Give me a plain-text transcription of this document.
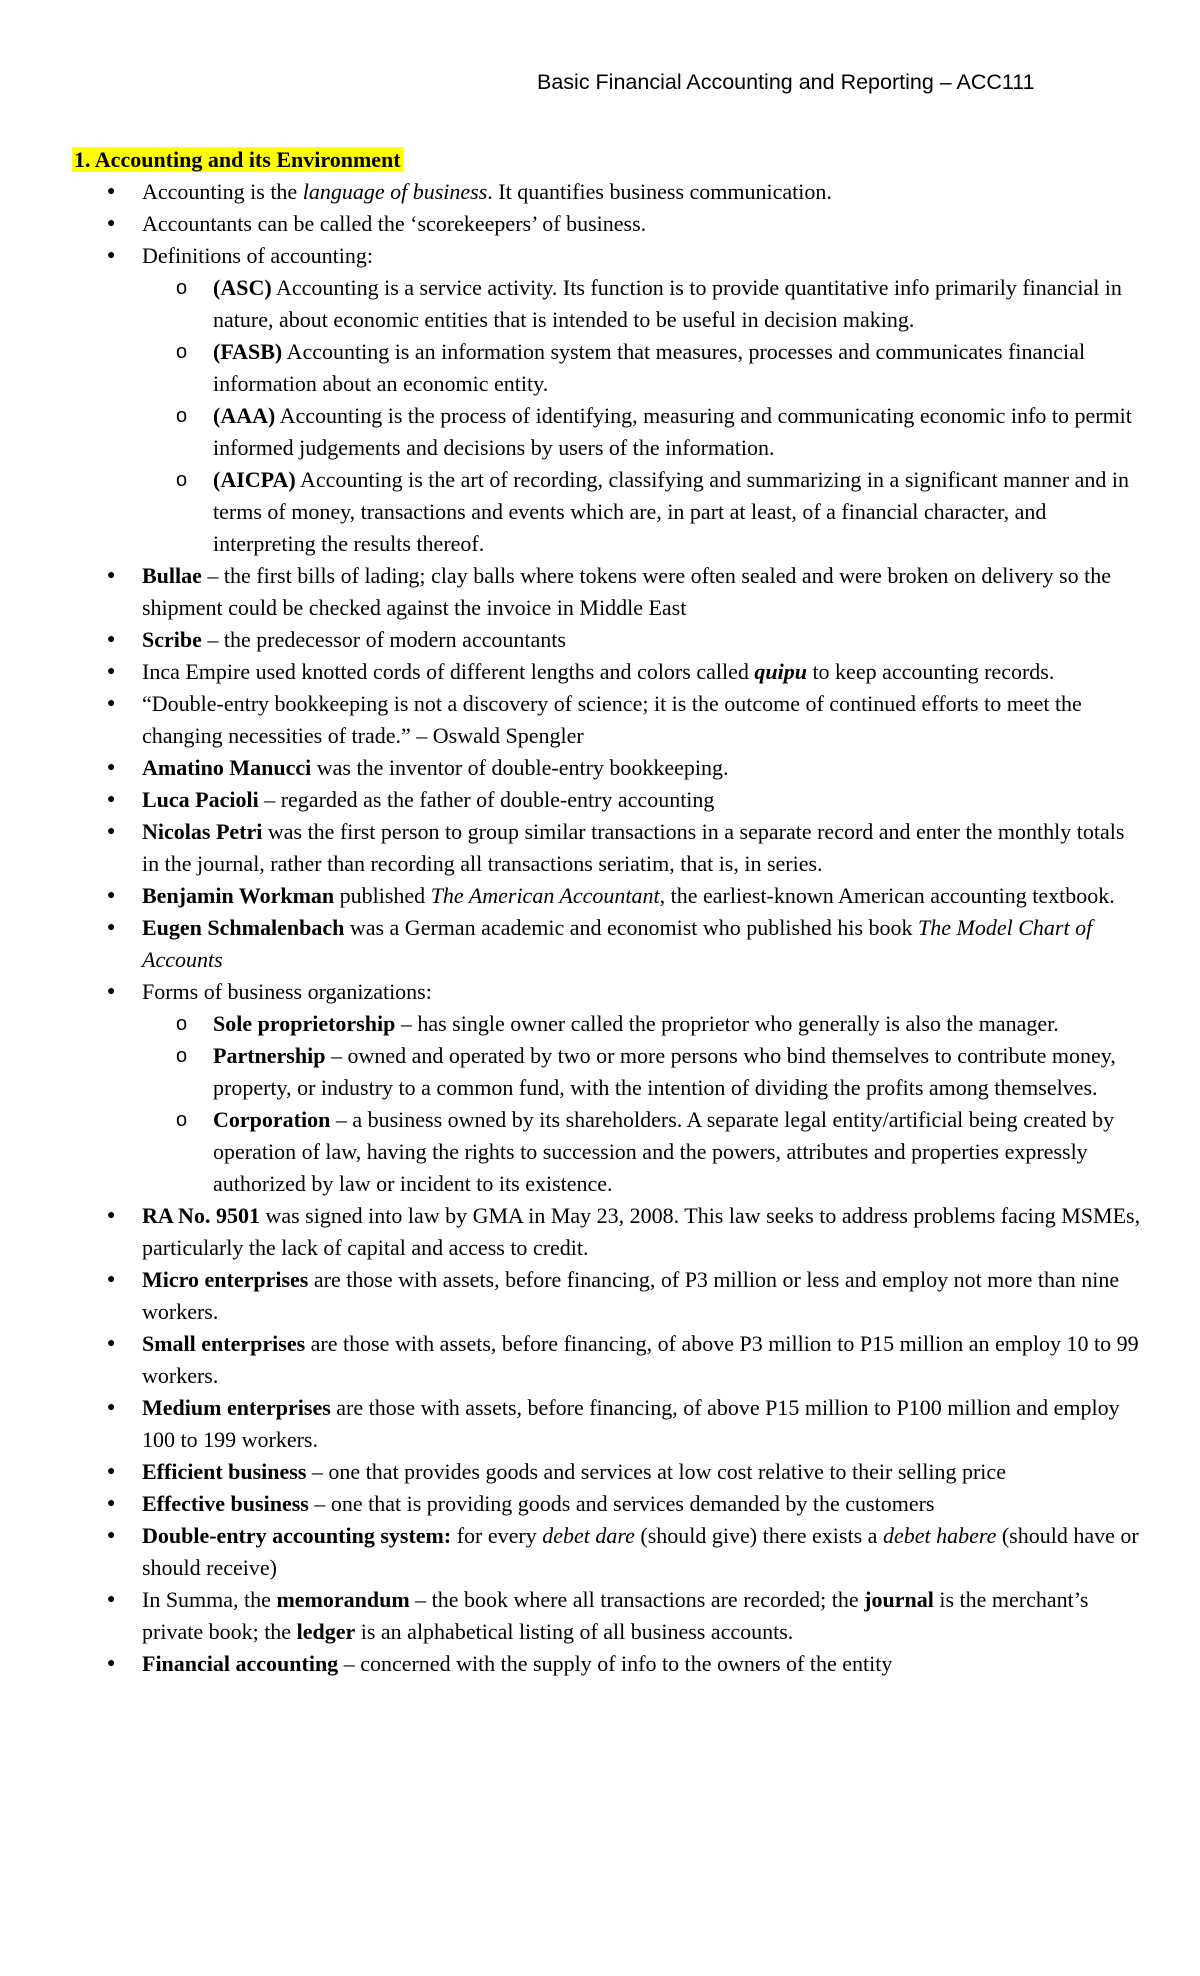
Basic Financial Accounting and Reporting – ACC111
1. Accounting and its Environment
● Accounting is the language of business. It quantifies business communication.
● Accountants can be called the ‘scorekeepers’ of business.
● Definitions of accounting:
o (ASC) Accounting is a service activity. Its function is to provide quantitative info primarily financial in nature, about economic entities that is intended to be useful in decision making.
o (FASB) Accounting is an information system that measures, processes and communicates financial information about an economic entity.
o (AAA) Accounting is the process of identifying, measuring and communicating economic info to permit informed judgements and decisions by users of the information.
o (AICPA) Accounting is the art of recording, classifying and summarizing in a significant manner and in terms of money, transactions and events which are, in part at least, of a financial character, and interpreting the results thereof.
● Bullae – the first bills of lading; clay balls where tokens were often sealed and were broken on delivery so the shipment could be checked against the invoice in Middle East
● Scribe – the predecessor of modern accountants
● Inca Empire used knotted cords of different lengths and colors called quipu to keep accounting records.
● “Double-entry bookkeeping is not a discovery of science; it is the outcome of continued efforts to meet the changing necessities of trade.” – Oswald Spengler
● Amatino Manucci was the inventor of double-entry bookkeeping.
● Luca Pacioli – regarded as the father of double-entry accounting
● Nicolas Petri was the first person to group similar transactions in a separate record and enter the monthly totals in the journal, rather than recording all transactions seriatim, that is, in series.
● Benjamin Workman published The American Accountant, the earliest-known American accounting textbook.
● Eugen Schmalenbach was a German academic and economist who published his book The Model Chart of Accounts
● Forms of business organizations:
o Sole proprietorship – has single owner called the proprietor who generally is also the manager.
o Partnership – owned and operated by two or more persons who bind themselves to contribute money, property, or industry to a common fund, with the intention of dividing the profits among themselves.
o Corporation – a business owned by its shareholders. A separate legal entity/artificial being created by operation of law, having the rights to succession and the powers, attributes and properties expressly authorized by law or incident to its existence.
● RA No. 9501 was signed into law by GMA in May 23, 2008. This law seeks to address problems facing MSMEs, particularly the lack of capital and access to credit.
● Micro enterprises are those with assets, before financing, of P3 million or less and employ not more than nine workers.
● Small enterprises are those with assets, before financing, of above P3 million to P15 million an employ 10 to 99 workers.
● Medium enterprises are those with assets, before financing, of above P15 million to P100 million and employ 100 to 199 workers.
● Efficient business – one that provides goods and services at low cost relative to their selling price
● Effective business – one that is providing goods and services demanded by the customers
● Double-entry accounting system: for every debet dare (should give) there exists a debet habere (should have or should receive)
● In Summa, the memorandum – the book where all transactions are recorded; the journal is the merchant’s private book; the ledger is an alphabetical listing of all business accounts.
● Financial accounting – concerned with the supply of info to the owners of the entity
